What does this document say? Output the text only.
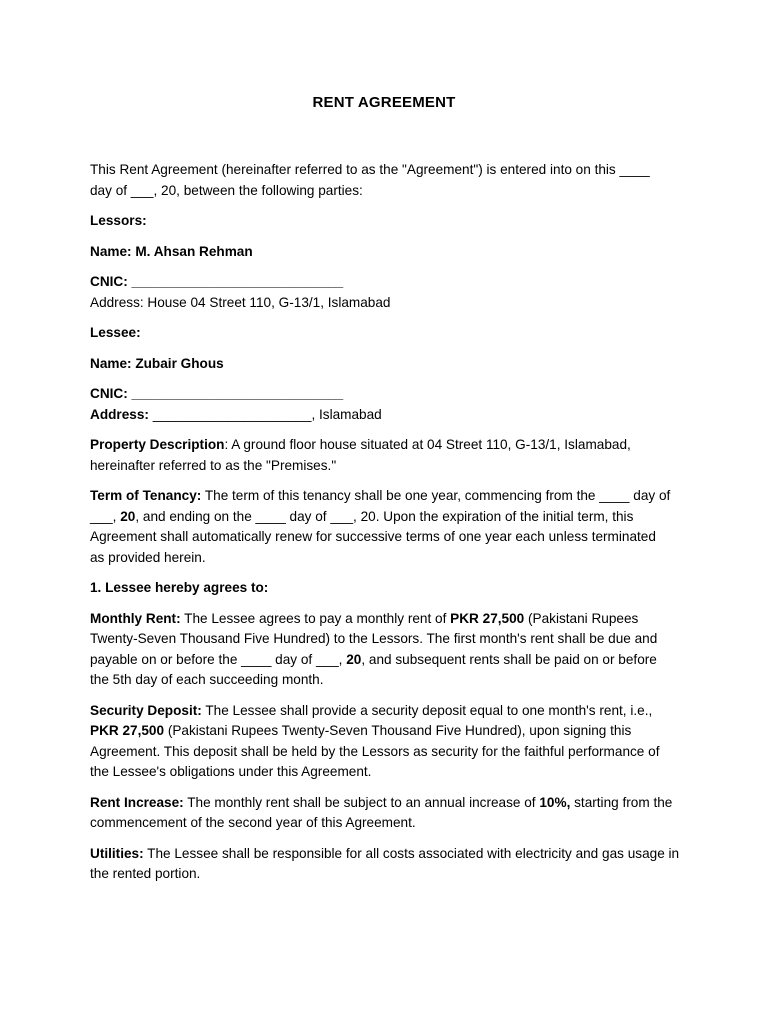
RENT AGREEMENT

This Rent Agreement (hereinafter referred to as the "Agreement") is entered into on this ____
day of ___, 20, between the following parties:

Lessors:

Name: M. Ahsan Rehman

CNIC: ____________________________
Address: House 04 Street 110, G-13/1, Islamabad

Lessee:

Name: Zubair Ghous

CNIC: ____________________________
Address: _____________________, Islamabad

Property Description: A ground floor house situated at 04 Street 110, G-13/1, Islamabad,
hereinafter referred to as the "Premises."

Term of Tenancy: The term of this tenancy shall be one year, commencing from the ____ day of
___, 20, and ending on the ____ day of ___, 20. Upon the expiration of the initial term, this
Agreement shall automatically renew for successive terms of one year each unless terminated
as provided herein.

1. Lessee hereby agrees to:

Monthly Rent: The Lessee agrees to pay a monthly rent of PKR 27,500 (Pakistani Rupees
Twenty-Seven Thousand Five Hundred) to the Lessors. The first month's rent shall be due and
payable on or before the ____ day of ___, 20, and subsequent rents shall be paid on or before
the 5th day of each succeeding month.

Security Deposit: The Lessee shall provide a security deposit equal to one month's rent, i.e.,
PKR 27,500 (Pakistani Rupees Twenty-Seven Thousand Five Hundred), upon signing this
Agreement. This deposit shall be held by the Lessors as security for the faithful performance of
the Lessee's obligations under this Agreement.

Rent Increase: The monthly rent shall be subject to an annual increase of 10%, starting from the
commencement of the second year of this Agreement.

Utilities: The Lessee shall be responsible for all costs associated with electricity and gas usage in
the rented portion.
